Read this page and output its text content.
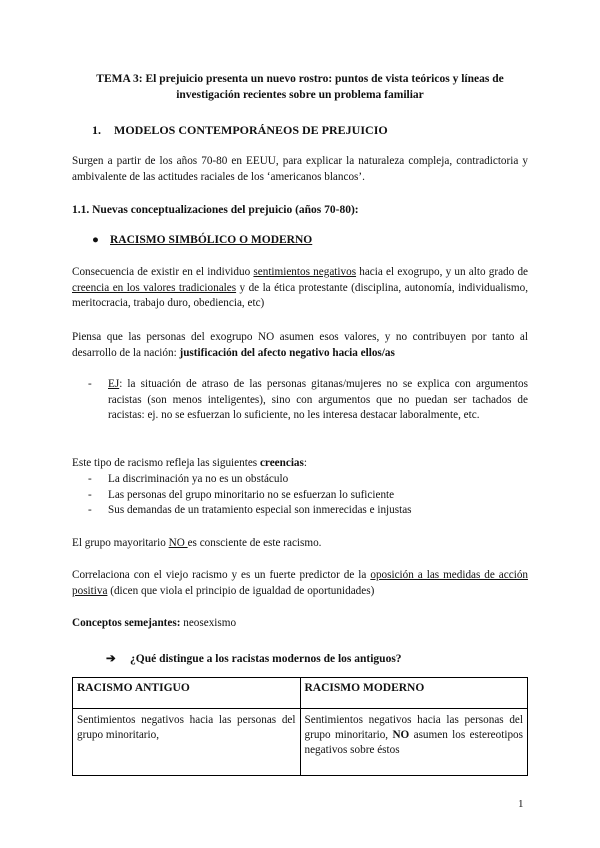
TEMA 3: El prejuicio presenta un nuevo rostro: puntos de vista teóricos y líneas de investigación recientes sobre un problema familiar
1. MODELOS CONTEMPORÁNEOS DE PREJUICIO

Surgen a partir de los años 70-80 en EEUU, para explicar la naturaleza compleja, contradictoria y ambivalente de las actitudes raciales de los ‘americanos blancos’.

1.1. Nuevas conceptualizaciones del prejuicio (años 70-80):
● RACISMO SIMBÓLICO O MODERNO

Consecuencia de existir en el individuo sentimientos negativos hacia el exogrupo, y un alto grado de creencia en los valores tradicionales y de la ética protestante (disciplina, autonomía, individualismo, meritocracia, trabajo duro, obediencia, etc)

Piensa que las personas del exogrupo NO asumen esos valores, y no contribuyen por tanto al desarrollo de la nación: justificación del afecto negativo hacia ellos/as

-	EJ: la situación de atraso de las personas gitanas/mujeres no se explica con argumentos racistas (son menos inteligentes), sino con argumentos que no puedan ser tachados de racistas: ej. no se esfuerzan lo suficiente, no les interesa destacar laboralmente, etc.

Este tipo de racismo refleja las siguientes creencias:

-	La discriminación ya no es un obstáculo
-	Las personas del grupo minoritario no se esfuerzan lo suficiente
-	Sus demandas de un tratamiento especial son inmerecidas e injustas

El grupo mayoritario NO es consciente de este racismo.

Correlaciona con el viejo racismo y es un fuerte predictor de la oposición a las medidas de acción positiva (dicen que viola el principio de igualdad de oportunidades)

Conceptos semejantes: neosexismo

➔ ¿Qué distingue a los racistas modernos de los antiguos?
RACISMO ANTIGUO	RACISMO MODERNO
Sentimientos negativos hacia las personas del grupo minoritario,	Sentimientos negativos hacia las personas del grupo minoritario, NO asumen los estereotipos negativos sobre éstos
1
